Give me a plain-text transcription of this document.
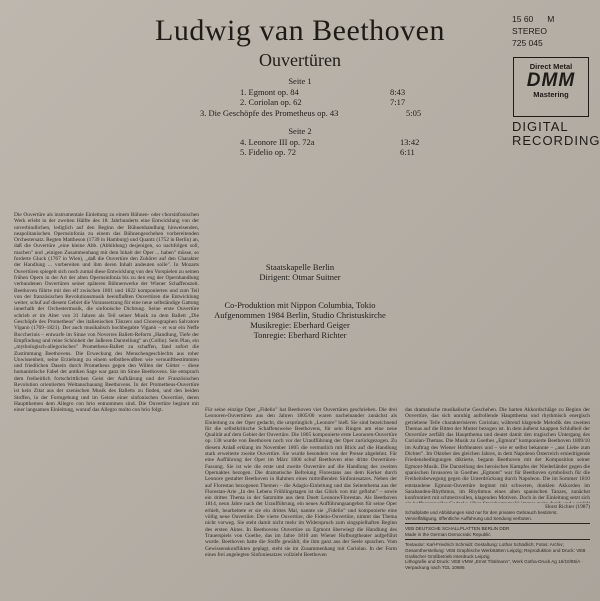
Ludwig van Beethoven
Ouvertüren
15 60 M
STEREO
725 045
Direct Metal
DMM
Mastering
DIGITAL
RECORDING
Seite 1
1. Egmont op. 84	8:43
2. Coriolan op. 62	7:17
3. Die Geschöpfe des Prometheus op. 43	5:05
Seite 2
4. Leonore III op. 72a	13:42
5. Fidelio op. 72	6:11
Staatskapelle Berlin
Dirigent: Otmar Suitner
Co-Produktion mit Nippon Columbia, Tokio
Aufgenommen 1984 Berlin, Studio Christuskirche
Musikregie: Eberhard Geiger
Tonregie: Eberhard Richter
Die Ouvertüre als instrumentale Einleitung zu einem Bühnen- oder chorsinfonischen Werk erlebt in der zweiten Hälfte des 18. Jahrhunderts eine Entwicklung von der unverbindlichen, lediglich auf den Beginn der Bühnenhandlung hinweisenden, neapolitanischen Opernsinfonia zu einem das Bühnengeschehen vorbereitenden Orchestersatz. Regten Mattheson (1739 in Hamburg) und Quantz (1752 in Berlin) an, daß die Ouvertüre „eine kleine Abb. (Abbildung) desjenigen, so nachfolgen soll, machen" und „einigen Zusammenhang mit dem Inhalt der Oper ... haben" müsse, so forderte Gluck (1767 in Wien), „daß die Ouvertüre den Zuhörer auf den Charakter der Handlung ... vorbereiten und ihm deren Inhalt andeuten solle". In Mozarts Ouvertüren spiegelt sich noch zumal diese Entwicklung von den Vorspielen zu seinen frühen Opern in der Art der alten Opernsinfonia bis zu den eng der Opernhandlung verbundenen Ouvertüren seiner späteren Bühnenwerke der Wiener Schaffenszeit. Beethoven führte mit den elf zwischen 1801 und 1822 komponierten und zum Teil von der französischen Revolutionsmusik beeinflußten Ouvertüren die Entwicklung weiter, schuf auf diesem Gebiet die Voraussetzung für eine neue selbständige Gattung innerhalb der Orchestermusik, die sinfonische Dichtung. Seine erste Ouvertüre schrieb er im Alter von 31 Jahren als Teil seiner Musik zu dem Ballett „Die Geschöpfe des Prometheus" des italienischen Tänzers und Choreographen Salvatore Viganò (1769–1821). Der auch musikalisch hochbegabte Viganò – er war ein Neffe Boccherinis – entwarfe im Sinne von Noverres Ballett-Reform „Handlung, Tiefe der Empfindung und reine Schönheit der äußeren Darstellung" an (Collin). Sein Plan, ein „mythologisch-allegorisches" Prometheus-Ballett zu schaffen, fand sofort die Zustimmung Beethovens. Die Erweckung des Menschengeschlechts aus roher Unwissenheit, seine Erziehung zu einem selbstbewußten wie vernunftbestimmten und friedlichen Dasein durch Prometheus gegen den Willen der Götter – diese humanistische Fabel der antiken Sage war ganz im Sinne Beethovens. Sie entsprach dem freiheitlich fortschrittlichen Geist der Aufklärung und der Französischen Revolution orientierten Weltanschauung Beethovens. In der Prometheus-Ouvertüre ist kein Zitat aus der szenischen Musik des Balletts zu finden, und den beiden Stoffen, in der Formgebung und im Geiste einer sinfonischen Ouvertüre, deren Hauptthemen dem Allegro con brio entnommen sind. Die Ouvertüre beginnt mit einer langsamen Einleitung, worauf das Allegro molto con brio folgt.	Für seine einzige Oper „Fidelio" hat Beethoven vier Ouvertüren geschrieben. Die drei Leonoren-Ouvertüren aus den Jahren 1805/06 waren nacheinander zunächst als Einleitung zu der Oper gedacht, die ursprünglich „Leonore" hieß. Sie sind bezeichnend für die selbstkritische Schaffensweise Beethovens, für sein Ringen um eine neue Qualität auf dem Gebiet der Ouvertüre. Die 1805 komponierte erste Leonoren-Ouvertüre op. 138 wurde von Beethoven noch vor der Uraufführung der Oper zurückgezogen. Zu diesem Anlaß erklang im November 1805 die vermutlich mit Blick auf die Handlung stark erweiterte zweite Ouvertüre. Sie wurde besonders von der Presse abgelehnt. Für eine Aufführung der Oper im März 1806 schuf Beethoven eine dritte Ouvertüren-Fassung. Sie ist wie die erste und zweite Ouvertüre auf die Handlung des zweiten Opernaktes bezogen. Die dramatische Befreiung Florestans aus dem Kerker durch Leonore gestaltet Beethoven in Rahmen eines mitreißenden Sinfoniesatzes. Neben der auf Florestan bezogenen Themen – die Adagio-Einleitung und das Seitenthema aus der Florestan-Arie „In des Lebens Frühlingstagen ist das Glück von mir geflohn" – sowie ein drittes Thema in der Satzmitte aus dem Duett Leonore/Florestan. Als Beethoven 1814, neun Jahre nach der Uraufführung, ein neues Aufführungsangebot für seine Oper erhielt, bearbeitete er sie ein drittes Mal, nannte sie „Fidelio" und komponierte eine völlig neue Ouvertüre. Die vierte Ouvertüre, die Fidelio-Ouvertüre, nimmt das Thema nicht vorweg. Sie steht damit nicht mehr im Widerspruch zum singspielhaften Beginn des ersten Aktes. In Beethovens Ouvertüre zu Egmont überwiegt die Handlung des Trauerspiels von Goethe, das im Jahre 1810 am Wiener Hofburgtheater aufgeführt wurde. Beethoven hatte die Stoffe gewählt, die ihm ganz aus der Seele sprachen. Vom Gewissenskonflikten geplagt, steht sie im Zusammenhang mit Coriolan. In der Form eines frei angelegten Sinfoniesatzes vollzieht Beethoven
das dramatische musikalische Geschehen. Die harten Akkordschläge zu Beginn der Ouvertüre, das sich unruhig aufrollende Hauptthema und rhythmisch energisch getriebene Teile charakterisieren Coriolan; während klagende Melodik des zweiten Themas auf die Bitten der Mutter bezogen ist. In dem äußerst knappen Schlußteil der Ouvertüre zerfällt das Hauptthema und deutet damit den tragischen Untergang des Coriolan-Themas. Die Musik zu Goethes „Egmont" komponierte Beethoven 1809/10 im Auftrag des Wiener Hoftheaters und – wie er selbst bekannte – „aus Liebe zum Dichter". Im Oktober des gleichen Jahres, in dem Napoleon Österreich erniedrigende Friedensbedingungen diktierte, begann Beethoven mit der Komposition seiner Egmont-Musik. Die Darstellung des heroischen Kampfes der Niederländer gegen die spanischen Invasoren in Goethes „Egmont" war für Beethoven symbolisch für die Freiheitsbewegung gegen die Unterdrückung durch Napoleon. Die im Sommer 1810 entstandene Egmont-Ouvertüre beginnt mit schweren, dunklen Akkorden im Sarabanden-Rhythmus, im Rhythmus eines alten spanischen Tanzes, zunächst konfrontiert mit schmerzvollen, klagenden Motiven. Doch in der Einleitung setzt sich
Horst Richter (1987)
Schallplatte und Abbildungen sind nur für den privaten Gebrauch bestimmt. Vervielfältigung, öffentliche Aufführung und Sendung verboten.
VEB DEUTSCHE SCHALLPLATTEN BERLIN DDR
Made in the German Democratic Republic
Textautor: Karl-Friedrich Schmidt; Gestaltung: Lothar Schädlich; Fotos: Archiv; Gesamtherstellung: VEB Graphische Werkstätten Leipzig; Reproduktion und Druck: VEB Grafischer Großbetrieb Interdruck Leipzig
Lithografie und Druck: VEB VMW „Ernst Thälmann", Werk Gotha-Druck Ag 16/10/85/A · Verpackung nach TGL 10695
